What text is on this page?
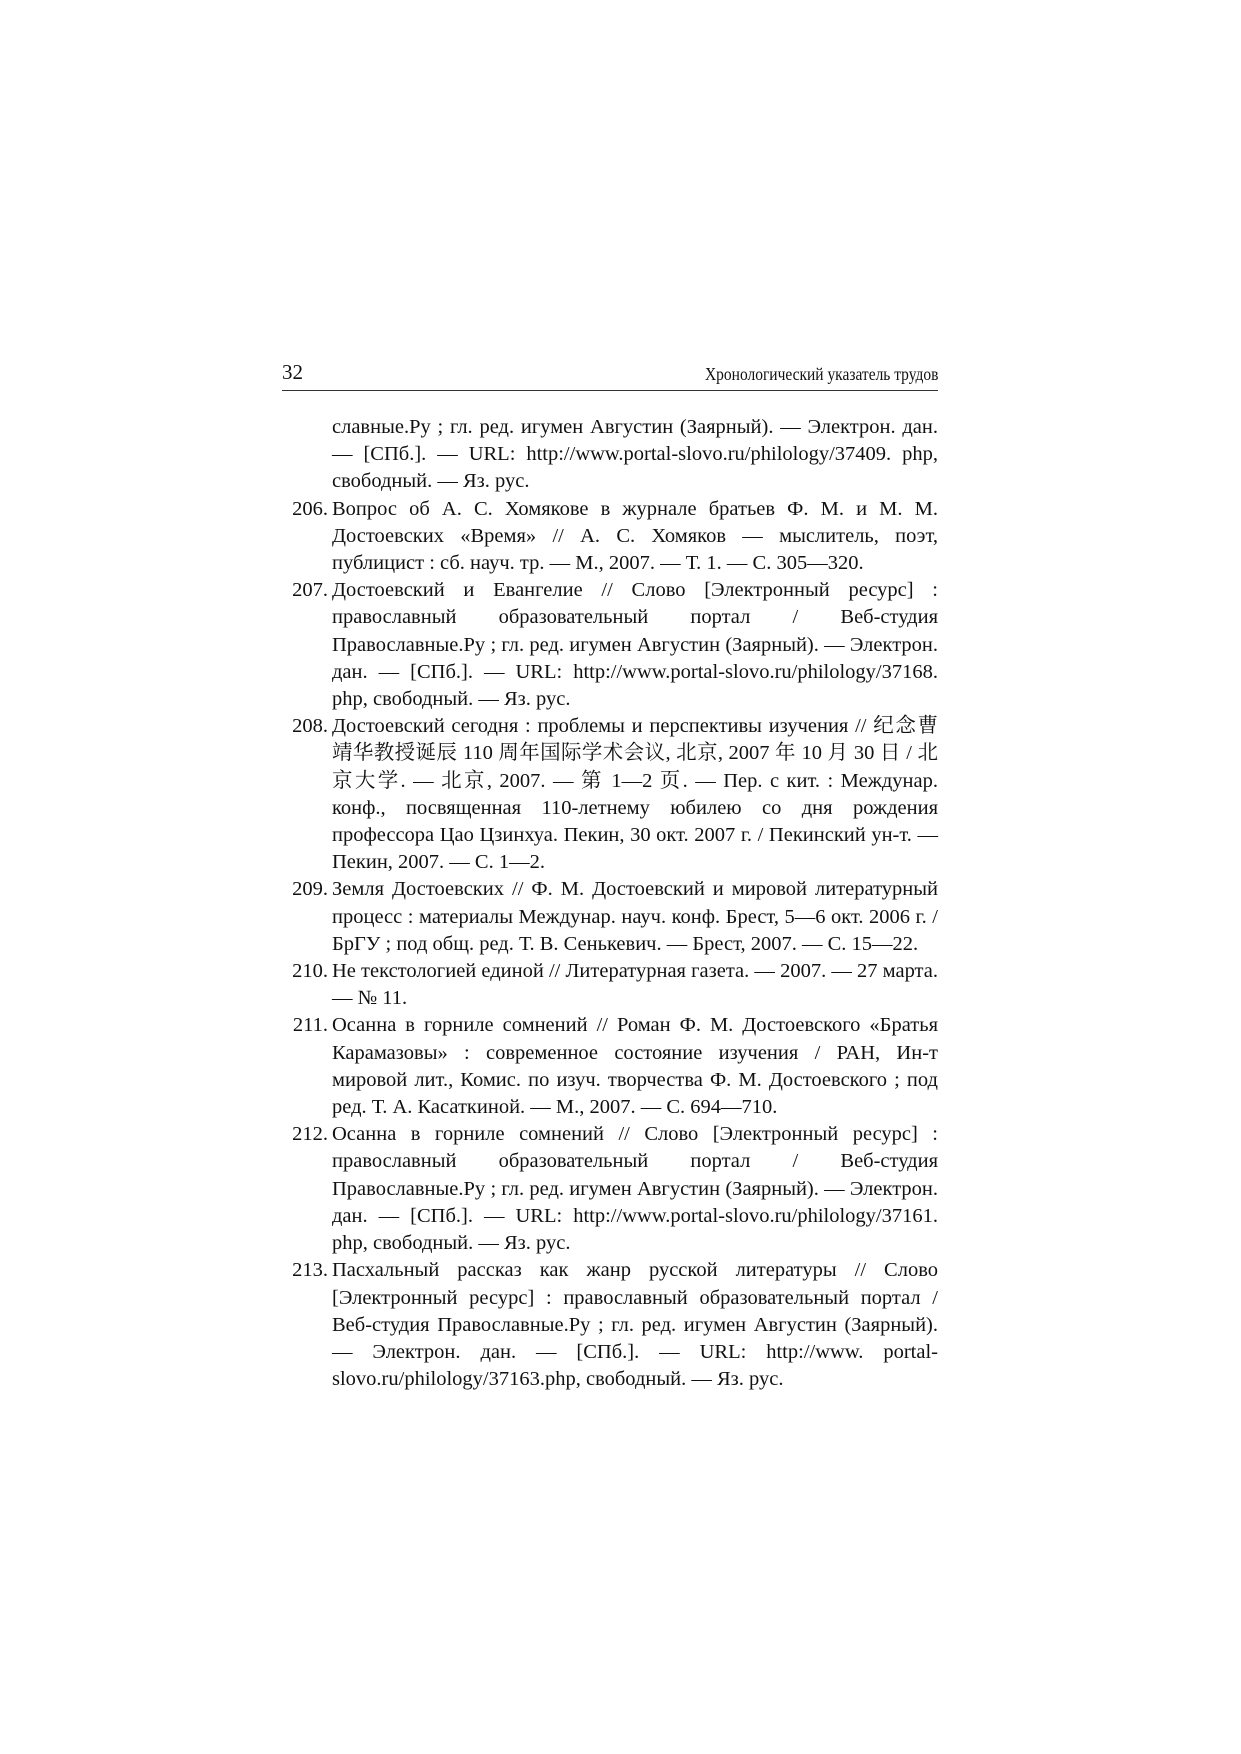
32	Хронологический указатель трудов
славные.Ру ; гл. ред. игумен Августин (Заярный). — Электрон. дан. — [СПб.]. — URL: http://www.portal-slovo.ru/philology/37409. php, свободный. — Яз. рус.
206. Вопрос об А. С. Хомякове в журнале братьев Ф. М. и М. М. Достоевских «Время» // А. С. Хомяков — мыслитель, поэт, публицист : сб. науч. тр. — М., 2007. — Т. 1. — С. 305—320.
207. Достоевский и Евангелие // Слово [Электронный ресурс] : православный образовательный портал / Веб-студия Православные.Ру ; гл. ред. игумен Августин (Заярный). — Электрон. дан. — [СПб.]. — URL: http://www.portal-slovo.ru/philology/37168. php, свободный. — Яз. рус.
208. Достоевский сегодня : проблемы и перспективы изучения // 纪念曹靖华教授诞辰 110 周年国际学术会议, 北京, 2007 年 10 月 30 日 / 北京大学. — 北京, 2007. — 第 1—2 页. — Пер. с кит. : Междунар. конф., посвященная 110-летнему юбилею со дня рождения профессора Цао Цзинхуа. Пекин, 30 окт. 2007 г. / Пекинский ун-т. — Пекин, 2007. — С. 1—2.
209. Земля Достоевских // Ф. М. Достоевский и мировой литературный процесс : материалы Междунар. науч. конф. Брест, 5—6 окт. 2006 г. / БрГУ ; под общ. ред. Т. В. Сенькевич. — Брест, 2007. — С. 15—22.
210. Не текстологией единой // Литературная газета. — 2007. — 27 марта. — № 11.
211. Осанна в горниле сомнений // Роман Ф. М. Достоевского «Братья Карамазовы» : современное состояние изучения / РАН, Ин-т мировой лит., Комис. по изуч. творчества Ф. М. Достоевского ; под ред. Т. А. Касаткиной. — М., 2007. — С. 694—710.
212. Осанна в горниле сомнений // Слово [Электронный ресурс] : православный образовательный портал / Веб-студия Православные.Ру ; гл. ред. игумен Августин (Заярный). — Электрон. дан. — [СПб.]. — URL: http://www.portal-slovo.ru/philology/37161. php, свободный. — Яз. рус.
213. Пасхальный рассказ как жанр русской литературы // Слово [Электронный ресурс] : православный образовательный портал / Веб-студия Православные.Ру ; гл. ред. игумен Августин (Заярный). — Электрон. дан. — [СПб.]. — URL: http://www. portal-slovo.ru/philology/37163.php, свободный. — Яз. рус.
